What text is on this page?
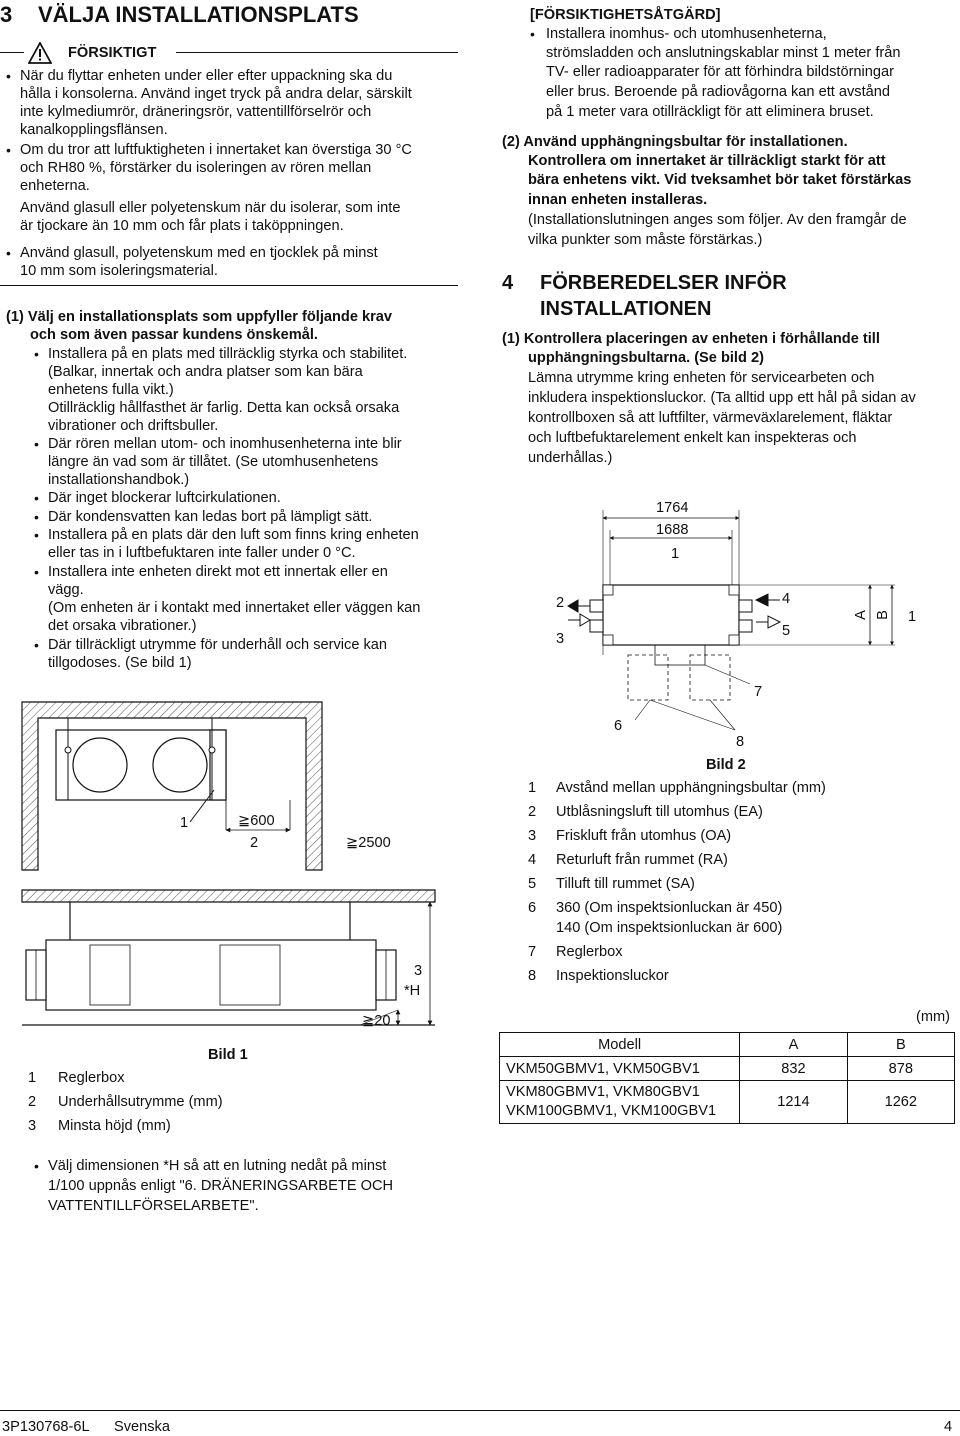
3 VÄLJA INSTALLATIONSPLATS
FÖRSIKTIGT
• När du flyttar enheten under eller efter uppackning ska du
hålla i konsolerna. Använd inget tryck på andra delar, särskilt
inte kylmediumrör, dräneringsrör, vattentillförselrör och
kanalkopplingsflänsen.
• Om du tror att luftfuktigheten i innertaket kan överstiga 30 °C
och RH80 %, förstärker du isoleringen av rören mellan
enheterna.
Använd glasull eller polyetenskum när du isolerar, som inte
är tjockare än 10 mm och får plats i taköppningen.
• Använd glasull, polyetenskum med en tjocklek på minst
10 mm som isoleringsmaterial.
(1) Välj en installationsplats som uppfyller följande krav
och som även passar kundens önskemål.
• Installera på en plats med tillräcklig styrka och stabilitet.
(Balkar, innertak och andra platser som kan bära
enhetens fulla vikt.)
Otillräcklig hållfasthet är farlig. Detta kan också orsaka
vibrationer och driftsbuller.
• Där rören mellan utom- och inomhusenheterna inte blir
längre än vad som är tillåtet. (Se utomhusenhetens
installationshandbok.)
• Där inget blockerar luftcirkulationen.
• Där kondensvatten kan ledas bort på lämpligt sätt.
• Installera på en plats där den luft som finns kring enheten
eller tas in i luftbefuktaren inte faller under 0 °C.
• Installera inte enheten direkt mot ett innertak eller en
vägg.
(Om enheten är i kontakt med innertaket eller väggen kan
det orsaka vibrationer.)
• Där tillräckligt utrymme för underhåll och service kan
tillgodoses. (Se bild 1)
1	≧600
2	≧2500
3
*H
≧20
Bild 1
1	Reglerbox
2	Underhållsutrymme (mm)
3	Minsta höjd (mm)
• Välj dimensionen *H så att en lutning nedåt på minst
1/100 uppnås enligt "6. DRÄNERINGSARBETE OCH
VATTENTILLFÖRSELARBETE".
[FÖRSIKTIGHETSÅTGÄRD]
• Installera inomhus- och utomhusenheterna,
strömsladden och anslutningskablar minst 1 meter från
TV- eller radioapparater för att förhindra bildstörningar
eller brus. Beroende på radiovågorna kan ett avstånd
på 1 meter vara otillräckligt för att eliminera bruset.
(2) Använd upphängningsbultar för installationen.
Kontrollera om innertaket är tillräckligt starkt för att
bära enhetens vikt. Vid tveksamhet bör taket förstärkas
innan enheten installeras.
(Installationslutningen anges som följer. Av den framgår de
vilka punkter som måste förstärkas.)
4 FÖRBEREDELSER INFÖR
INSTALLATIONEN
(1) Kontrollera placeringen av enheten i förhållande till
upphängningsbultarna. (Se bild 2)
Lämna utrymme kring enheten för servicearbeten och
inkludera inspektionsluckor. (Ta alltid upp ett hål på sidan av
kontrollboxen så att luftfilter, värmeväxlarelement, fläktar
och luftbefuktarelement enkelt kan inspekteras och
underhållas.)
1764
1688
1
2
3
4
5
A B 1
7
6
8
Bild 2
1	Avstånd mellan upphängningsbultar (mm)
2	Utblåsningsluft till utomhus (EA)
3	Friskluft från utomhus (OA)
4	Returluft från rummet (RA)
5	Tilluft till rummet (SA)
6	360 (Om inspektsionluckan är 450)
140 (Om inspektsionluckan är 600)
7	Reglerbox
8	Inspektionsluckor
(mm)
Modell	A	B
VKM50GBMV1, VKM50GBV1	832	878

VKM80GBMV1, VKM80GBV1
VKM100GBMV1, VKM100GBV1	1214	1262
3P130768-6L Svenska	4
